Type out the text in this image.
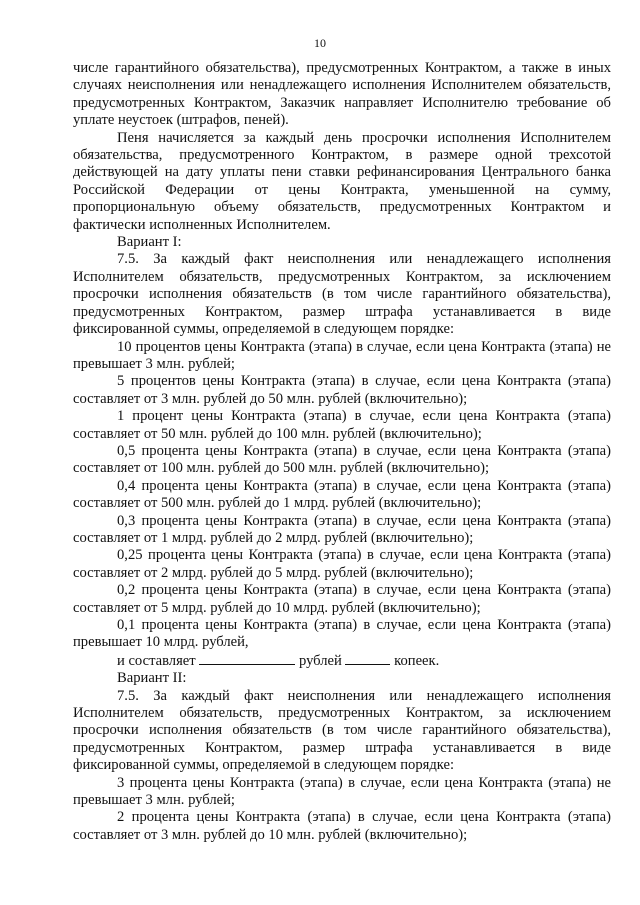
10

числе гарантийного обязательства), предусмотренных Контрактом, а также в иных случаях неисполнения или ненадлежащего исполнения Исполнителем обязательств, предусмотренных Контрактом, Заказчик направляет Исполнителю требование об уплате неустоек (штрафов, пеней).

Пеня начисляется за каждый день просрочки исполнения Исполнителем обязательства, предусмотренного Контрактом, в размере одной трехсотой действующей на дату уплаты пени ставки рефинансирования Центрального банка Российской Федерации от цены Контракта, уменьшенной на сумму, пропорциональную объему обязательств, предусмотренных Контрактом и фактически исполненных Исполнителем.

Вариант I:

7.5. За каждый факт неисполнения или ненадлежащего исполнения Исполнителем обязательств, предусмотренных Контрактом, за исключением просрочки исполнения обязательств (в том числе гарантийного обязательства), предусмотренных Контрактом, размер штрафа устанавливается в виде фиксированной суммы, определяемой в следующем порядке:

10 процентов цены Контракта (этапа) в случае, если цена Контракта (этапа) не превышает 3 млн. рублей;

5 процентов цены Контракта (этапа) в случае, если цена Контракта (этапа) составляет от 3 млн. рублей до 50 млн. рублей (включительно);

1 процент цены Контракта (этапа) в случае, если цена Контракта (этапа) составляет от 50 млн. рублей до 100 млн. рублей (включительно);

0,5 процента цены Контракта (этапа) в случае, если цена Контракта (этапа) составляет от 100 млн. рублей до 500 млн. рублей (включительно);

0,4 процента цены Контракта (этапа) в случае, если цена Контракта (этапа) составляет от 500 млн. рублей до 1 млрд. рублей (включительно);

0,3 процента цены Контракта (этапа) в случае, если цена Контракта (этапа) составляет от 1 млрд. рублей до 2 млрд. рублей (включительно);

0,25 процента цены Контракта (этапа) в случае, если цена Контракта (этапа) составляет от 2 млрд. рублей до 5 млрд. рублей (включительно);

0,2 процента цены Контракта (этапа) в случае, если цена Контракта (этапа) составляет от 5 млрд. рублей до 10 млрд. рублей (включительно);

0,1 процента цены Контракта (этапа) в случае, если цена Контракта (этапа) превышает 10 млрд. рублей,

и составляет	рублей	копеек.

Вариант II:

7.5. За каждый факт неисполнения или ненадлежащего исполнения Исполнителем обязательств, предусмотренных Контрактом, за исключением просрочки исполнения обязательств (в том числе гарантийного обязательства), предусмотренных Контрактом, размер штрафа устанавливается в виде фиксированной суммы, определяемой в следующем порядке:

3 процента цены Контракта (этапа) в случае, если цена Контракта (этапа) не превышает 3 млн. рублей;

2 процента цены Контракта (этапа) в случае, если цена Контракта (этапа) составляет от 3 млн. рублей до 10 млн. рублей (включительно);
